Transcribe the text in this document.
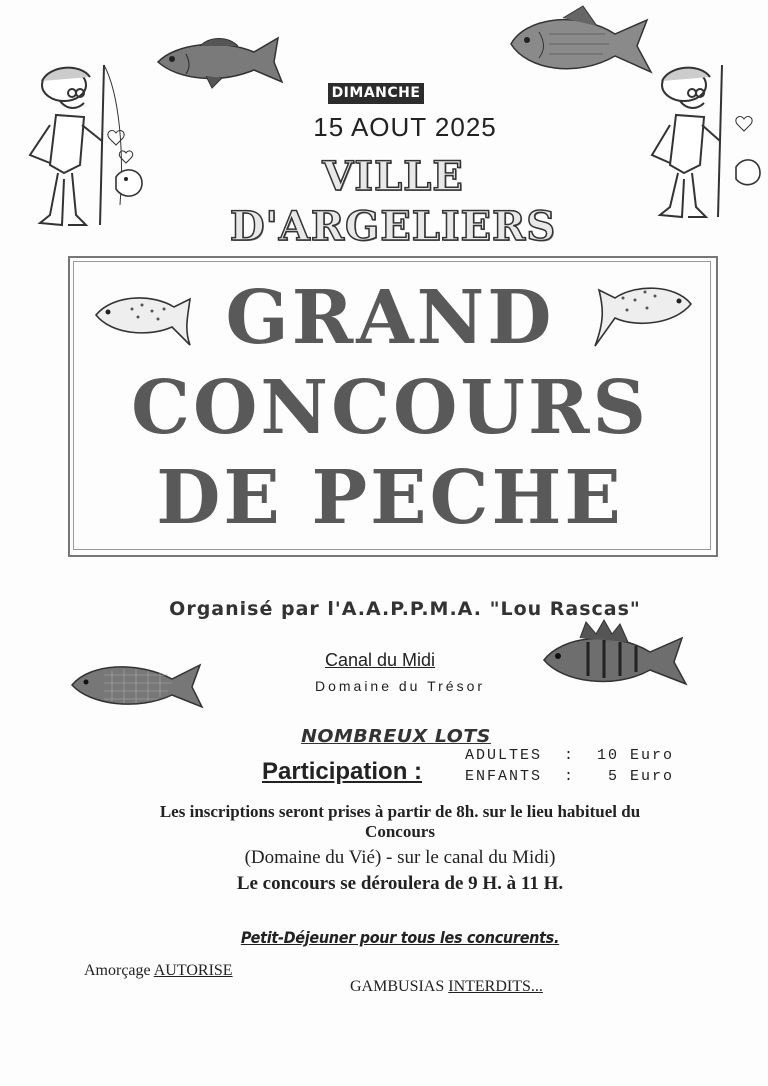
DIMANCHE
15 AOUT 2025
VILLE D'ARGELIERS
GRAND
CONCOURS
DE PECHE
Organisé par l'A.A.P.P.M.A. "Lou Rascas"
Canal du Midi
Domaine du Trésor
NOMBREUX LOTS
Participation :
ADULTES  :  10 Euro
ENFANTS  :   5 Euro
Les inscriptions seront prises à partir de 8h. sur le lieu habituel du
Concours
(Domaine du Vié) - sur le canal du Midi)
Le concours se déroulera de 9 H. à 11 H.
Petit-Déjeuner pour tous les concurents.
Amorçage AUTORISE
GAMBUSIAS INTERDITS...
